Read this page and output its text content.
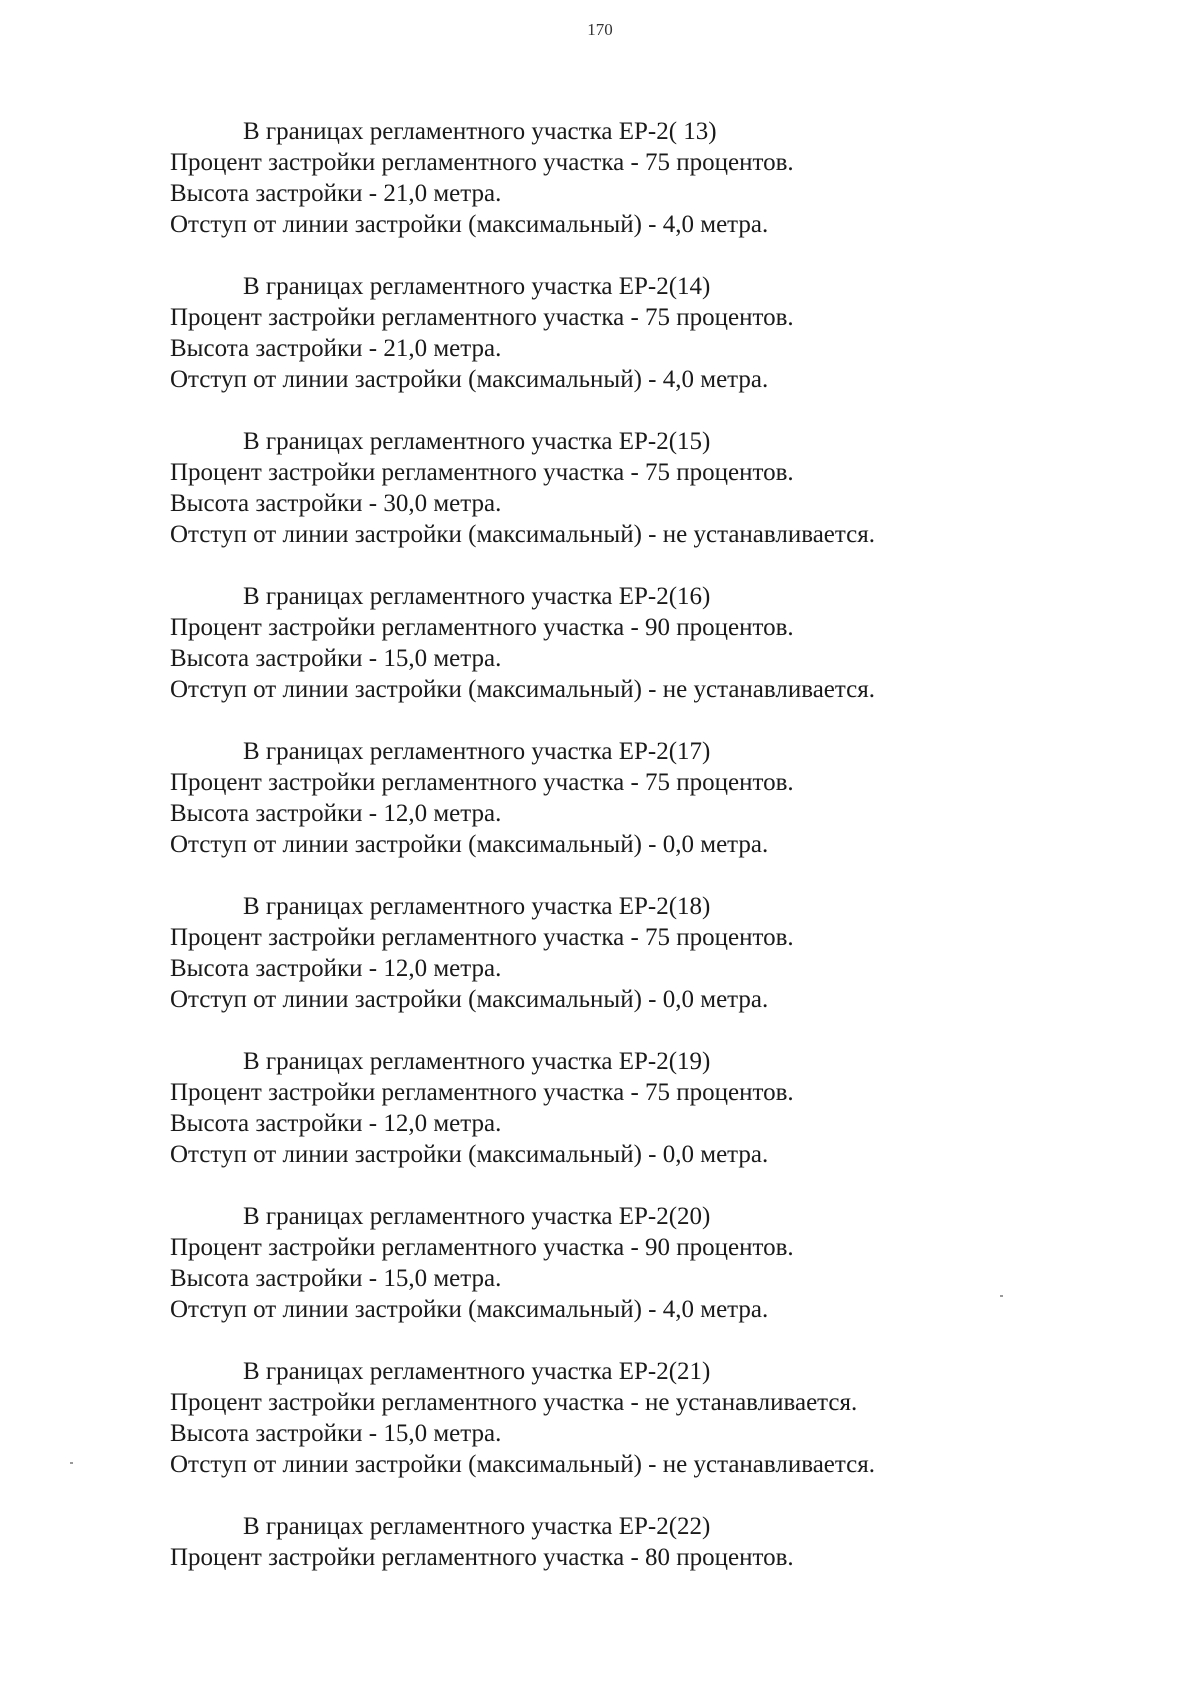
170
В границах регламентного участка ЕР-2( 13)
Процент застройки регламентного участка - 75 процентов.
Высота застройки - 21,0 метра.
Отступ от линии застройки (максимальный) - 4,0 метра.
В границах регламентного участка ЕР-2(14)
Процент застройки регламентного участка - 75 процентов.
Высота застройки - 21,0 метра.
Отступ от линии застройки (максимальный) - 4,0 метра.
В границах регламентного участка ЕР-2(15)
Процент застройки регламентного участка - 75 процентов.
Высота застройки - 30,0 метра.
Отступ от линии застройки (максимальный) - не устанавливается.
В границах регламентного участка ЕР-2(16)
Процент застройки регламентного участка - 90 процентов.
Высота застройки - 15,0 метра.
Отступ от линии застройки (максимальный) - не устанавливается.
В границах регламентного участка ЕР-2(17)
Процент застройки регламентного участка - 75 процентов.
Высота застройки - 12,0 метра.
Отступ от линии застройки (максимальный) - 0,0 метра.
В границах регламентного участка ЕР-2(18)
Процент застройки регламентного участка - 75 процентов.
Высота застройки - 12,0 метра.
Отступ от линии застройки (максимальный) - 0,0 метра.
В границах регламентного участка ЕР-2(19)
Процент застройки регламентного участка - 75 процентов.
Высота застройки - 12,0 метра.
Отступ от линии застройки (максимальный) - 0,0 метра.
В границах регламентного участка ЕР-2(20)
Процент застройки регламентного участка - 90 процентов.
Высота застройки - 15,0 метра.
Отступ от линии застройки (максимальный) - 4,0 метра.
В границах регламентного участка ЕР-2(21)
Процент застройки регламентного участка - не устанавливается.
Высота застройки - 15,0 метра.
Отступ от линии застройки (максимальный) - не устанавливается.
В границах регламентного участка ЕР-2(22)
Процент застройки регламентного участка - 80 процентов.
